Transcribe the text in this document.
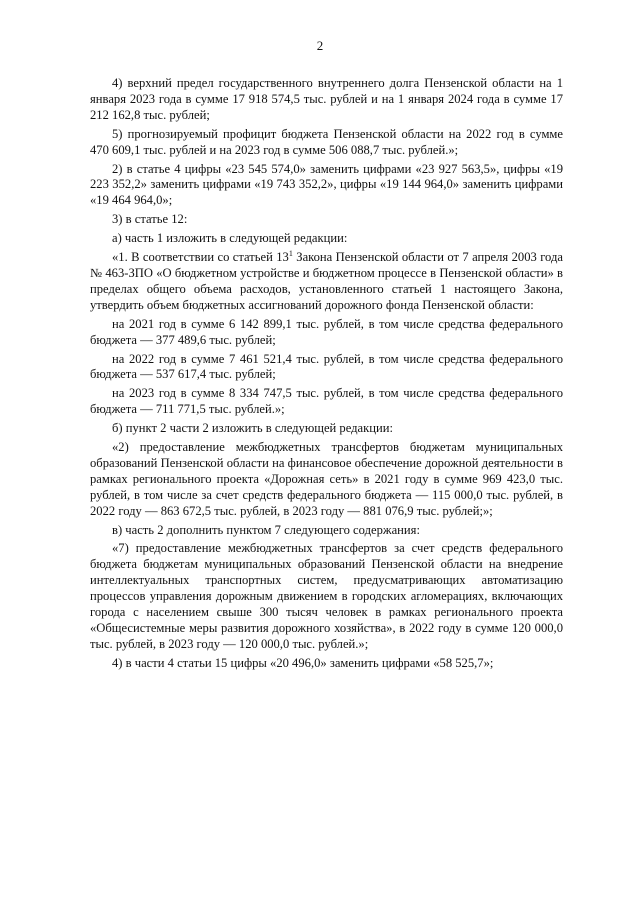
2

4) верхний предел государственного внутреннего долга Пензенской области на 1 января 2023 года в сумме 17 918 574,5 тыс. рублей и на 1 января 2024 года в сумме 17 212 162,8 тыс. рублей;

5) прогнозируемый профицит бюджета Пензенской области на 2022 год в сумме 470 609,1 тыс. рублей и на 2023 год в сумме 506 088,7 тыс. рублей.»;

2) в статье 4 цифры «23 545 574,0» заменить цифрами «23 927 563,5», цифры «19 223 352,2» заменить цифрами «19 743 352,2», цифры «19 144 964,0» заменить цифрами «19 464 964,0»;

3) в статье 12:

а) часть 1 изложить в следующей редакции:

«1. В соответствии со статьей $13^1$ Закона Пензенской области от 7 апреля 2003 года № 463-ЗПО «О бюджетном устройстве и бюджетном процессе в Пензенской области» в пределах общего объема расходов, установленного статьей 1 настоящего Закона, утвердить объем бюджетных ассигнований дорожного фонда Пензенской области:

на 2021 год в сумме 6 142 899,1 тыс. рублей, в том числе средства федерального бюджета — 377 489,6 тыс. рублей;

на 2022 год в сумме 7 461 521,4 тыс. рублей, в том числе средства федерального бюджета — 537 617,4 тыс. рублей;

на 2023 год в сумме 8 334 747,5 тыс. рублей, в том числе средства федерального бюджета — 711 771,5 тыс. рублей.»;

б) пункт 2 части 2 изложить в следующей редакции:

«2) предоставление межбюджетных трансфертов бюджетам муниципальных образований Пензенской области на финансовое обеспечение дорожной деятельности в рамках регионального проекта «Дорожная сеть» в 2021 году в сумме 969 423,0 тыс. рублей, в том числе за счет средств федерального бюджета — 115 000,0 тыс. рублей, в 2022 году — 863 672,5 тыс. рублей, в 2023 году — 881 076,9 тыс. рублей;»;

в) часть 2 дополнить пунктом 7 следующего содержания:

«7) предоставление межбюджетных трансфертов за счет средств федерального бюджета бюджетам муниципальных образований Пензенской области на внедрение интеллектуальных транспортных систем, предусматривающих автоматизацию процессов управления дорожным движением в городских агломерациях, включающих города с населением свыше 300 тысяч человек в рамках регионального проекта «Общесистемные меры развития дорожного хозяйства», в 2022 году в сумме 120 000,0 тыс. рублей, в 2023 году — 120 000,0 тыс. рублей.»;

4) в части 4 статьи 15 цифры «20 496,0» заменить цифрами «58 525,7»;
